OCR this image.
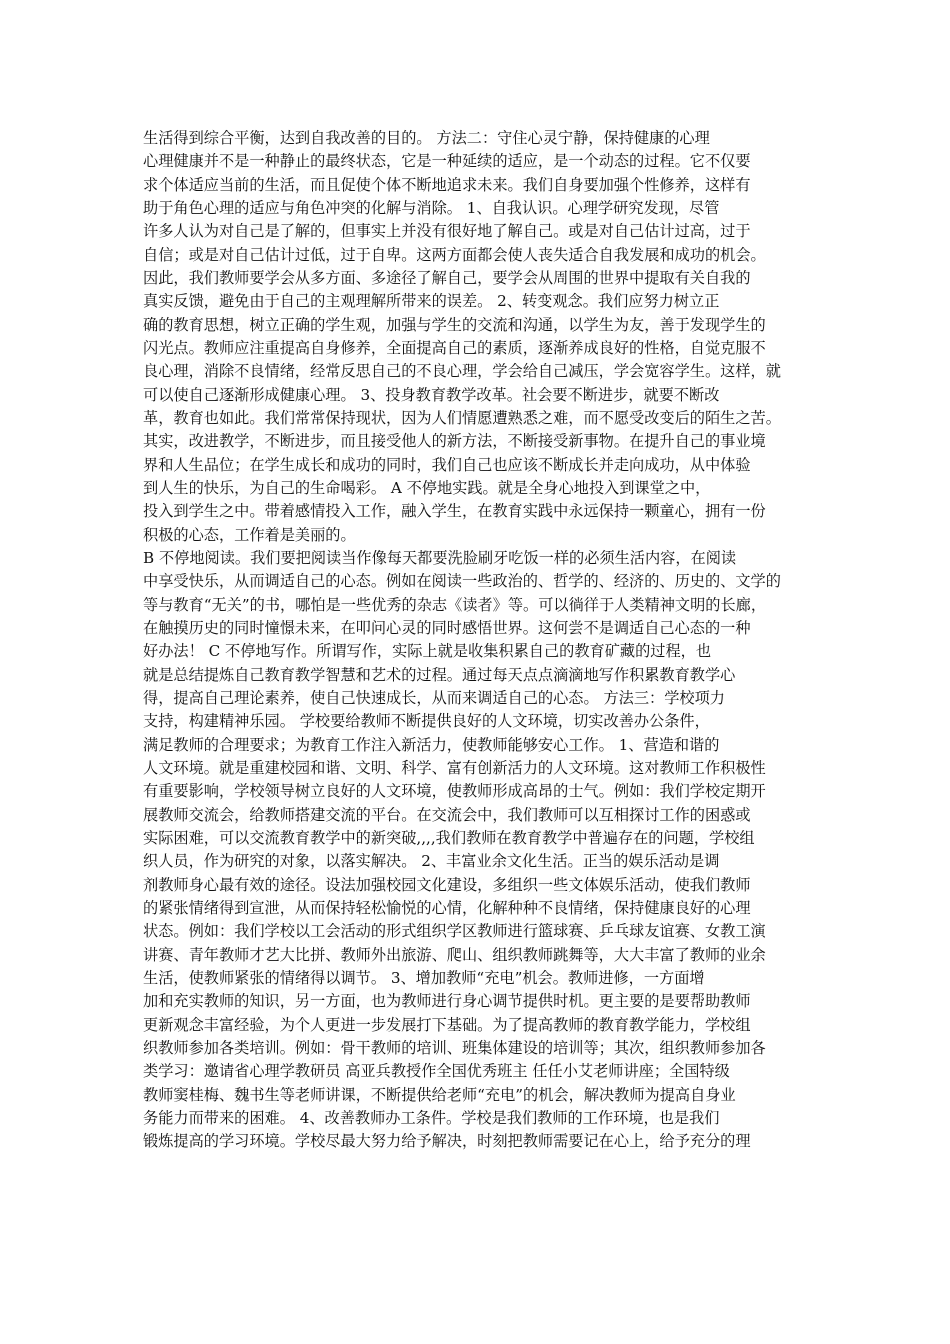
生活得到综合平衡，达到自我改善的目的。 方法二：守住心灵宁静，保持健康的心理

心理健康并不是一种静止的最终状态，它是一种延续的适应，是一个动态的过程。它不仅要

求个体适应当前的生活，而且促使个体不断地追求未来。我们自身要加强个性修养，这样有

助于角色心理的适应与角色冲突的化解与消除。 1、自我认识。心理学研究发现，尽管

许多人认为对自己是了解的，但事实上并没有很好地了解自己。或是对自己估计过高，过于

自信；或是对自己估计过低，过于自卑。这两方面都会使人丧失适合自我发展和成功的机会。

因此，我们教师要学会从多方面、多途径了解自己，要学会从周围的世界中提取有关自我的

真实反馈，避免由于自己的主观理解所带来的误差。 2、转变观念。我们应努力树立正

确的教育思想，树立正确的学生观，加强与学生的交流和沟通，以学生为友，善于发现学生的

闪光点。教师应注重提高自身修养，全面提高自己的素质，逐渐养成良好的性格，自觉克服不

良心理，消除不良情绪，经常反思自己的不良心理，学会给自己减压，学会宽容学生。这样，就

可以使自己逐渐形成健康心理。 3、投身教育教学改革。社会要不断进步，就要不断改

革，教育也如此。我们常常保持现状，因为人们情愿遭熟悉之难，而不愿受改变后的陌生之苦。

其实，改进教学，不断进步，而且接受他人的新方法，不断接受新事物。在提升自己的事业境

界和人生品位；在学生成长和成功的同时，我们自己也应该不断成长并走向成功，从中体验

到人生的快乐，为自己的生命喝彩。 A 不停地实践。就是全身心地投入到课堂之中，

投入到学生之中。带着感情投入工作，融入学生，在教育实践中永远保持一颗童心，拥有一份

积极的心态，工作着是美丽的。

B 不停地阅读。我们要把阅读当作像每天都要洗脸刷牙吃饭一样的必须生活内容，在阅读

中享受快乐，从而调适自己的心态。例如在阅读一些政治的、哲学的、经济的、历史的、文学的

等与教育“无关”的书，哪怕是一些优秀的杂志《读者》等。可以徜徉于人类精神文明的长廊，

在触摸历史的同时憧憬未来，在叩问心灵的同时感悟世界。这何尝不是调适自己心态的一种

好办法！ C 不停地写作。所谓写作，实际上就是收集积累自己的教育矿藏的过程，也

就是总结提炼自己教育教学智慧和艺术的过程。通过每天点点滴滴地写作积累教育教学心

得，提高自己理论素养，使自己快速成长，从而来调适自己的心态。 方法三：学校项力

支持，构建精神乐园。 学校要给教师不断提供良好的人文环境，切实改善办公条件，

满足教师的合理要求；为教育工作注入新活力，使教师能够安心工作。 1、营造和谐的

人文环境。就是重建校园和谐、文明、科学、富有创新活力的人文环境。这对教师工作积极性

有重要影响，学校领导树立良好的人文环境，使教师形成高昂的士气。例如：我们学校定期开

展教师交流会，给教师搭建交流的平台。在交流会中，我们教师可以互相探讨工作的困惑或

实际困难，可以交流教育教学中的新突破,,,,我们教师在教育教学中普遍存在的问题，学校组

织人员，作为研究的对象，以落实解决。 2、丰富业余文化生活。正当的娱乐活动是调

剂教师身心最有效的途径。设法加强校园文化建设，多组织一些文体娱乐活动，使我们教师

的紧张情绪得到宣泄，从而保持轻松愉悦的心情，化解种种不良情绪，保持健康良好的心理

状态。例如：我们学校以工会活动的形式组织学区教师进行篮球赛、乒乓球友谊赛、女教工演

讲赛、青年教师才艺大比拼、教师外出旅游、爬山、组织教师跳舞等，大大丰富了教师的业余

生活，使教师紧张的情绪得以调节。 3、增加教师“充电”机会。教师进修，一方面增

加和充实教师的知识，另一方面，也为教师进行身心调节提供时机。更主要的是要帮助教师

更新观念丰富经验，为个人更进一步发展打下基础。为了提高教师的教育教学能力，学校组

织教师参加各类培训。例如：骨干教师的培训、班集体建设的培训等；其次，组织教师参加各

类学习：邀请省心理学教研员 高亚兵教授作全国优秀班主 任任小艾老师讲座；全国特级

教师窦桂梅、魏书生等老师讲课，不断提供给老师“充电”的机会，解决教师为提高自身业

务能力而带来的困难。 4、改善教师办工条件。学校是我们教师的工作环境，也是我们

锻炼提高的学习环境。学校尽最大努力给予解决，时刻把教师需要记在心上，给予充分的理
